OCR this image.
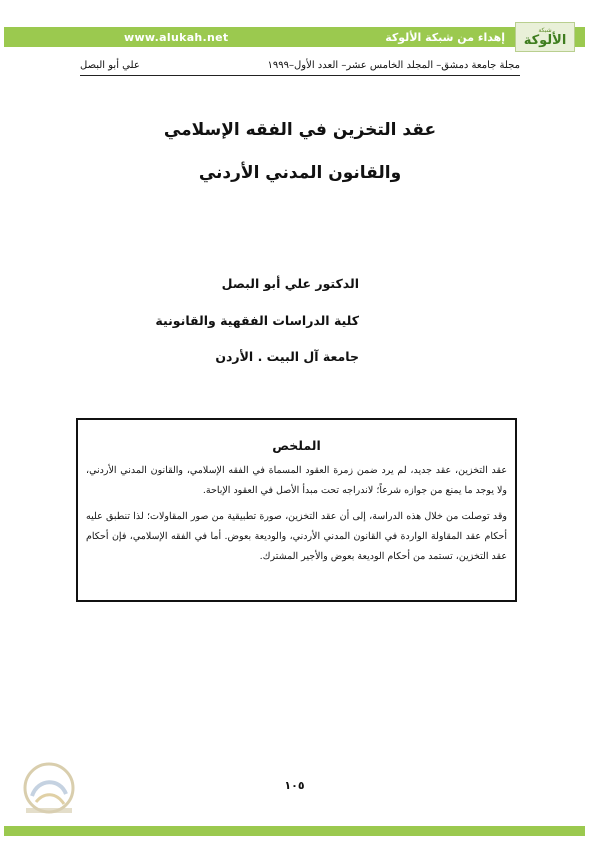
www.alukah.net	إهداء من شبكة الألوكة
شبكة
الألوكة
مجلة جامعة دمشق– المجلد الخامس عشر– العدد الأول–١٩٩٩
علي أبو البصل
عقد التخزين في الفقه الإسلامي
والقانون المدني الأردني
الدكتور علي أبو البصل
كلية الدراسات الفقهية والقانونية
جامعة آل البيت . الأردن
الملخص

عقد التخزين، عقد جديد، لم يرد ضمن زمرة العقود المسماة في الفقه الإسلامي، والقانون المدني الأردني، ولا يوجد ما يمنع من جوازه شرعاً؛ لاندراجه تحت مبدأ الأصل في العقود الإباحة.

وقد توصلت من خلال هذه الدراسة، إلى أن عقد التخزين، صورة تطبيقية من صور المقاولات؛ لذا تنطبق عليه أحكام عقد المقاولة الواردة في القانون المدني الأردني، والوديعة بعوض. أما في الفقه الإسلامي، فإن أحكام عقد التخزين، تستمد من أحكام الوديعة بعوض والأجير المشترك.

١٠٥
